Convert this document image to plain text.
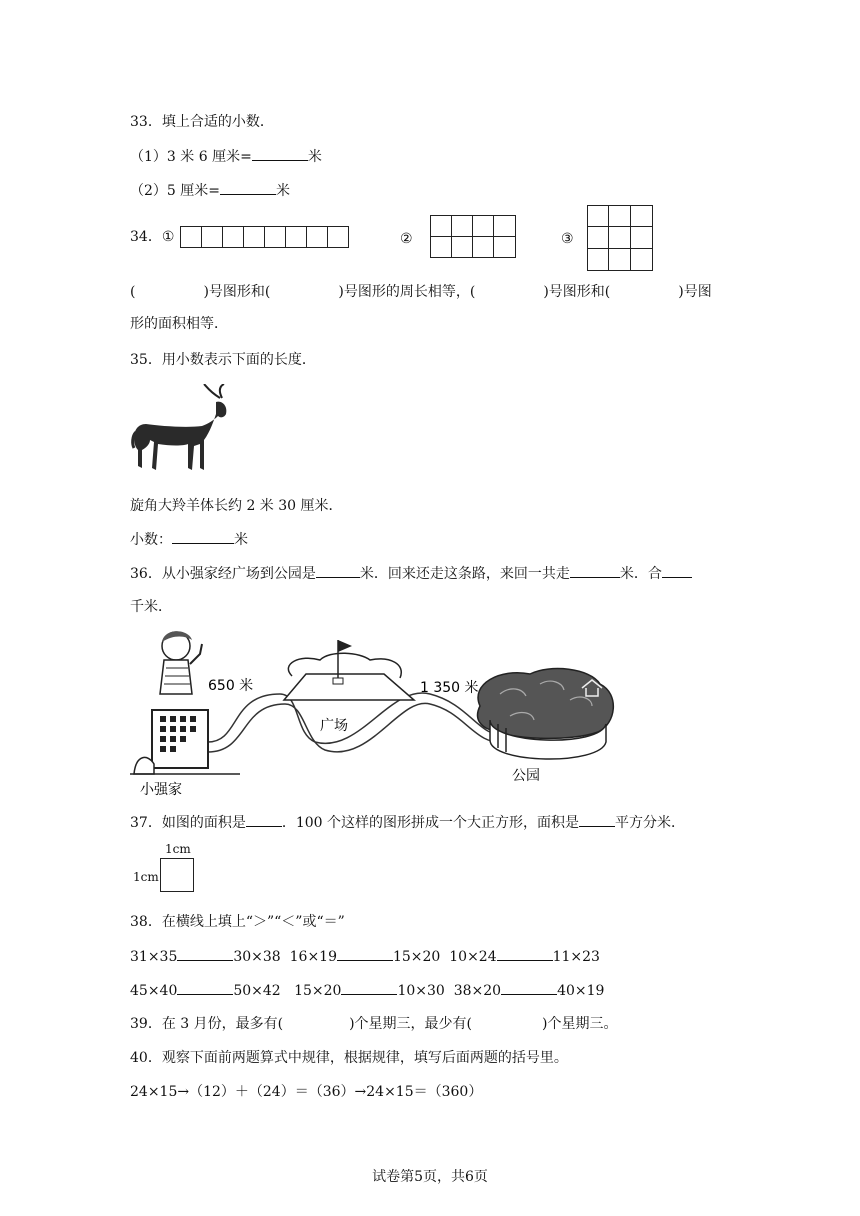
33．填上合适的小数．
（1）3 米 6 厘米=	米
（2）5 厘米=	米
34． ①	②	③
(	)号图形和(	)号图形的周长相等，(	)号图形和(	)号图
形的面积相等．
35．用小数表示下面的长度．
旋角大羚羊体长约 2 米 30 厘米．
小数：	米
36．从小强家经广场到公园是	米．回来还走这条路，来回一共走	米．合
千米．
650 米
广场
1 350 米
小强家
公园
37．如图的面积是	．100 个这样的图形拼成一个大正方形，面积是	平方分米．
1cm
1cm
38．在横线上填上“＞”“＜”或“＝”
31×35	30×38 16×19	15×20 10×24	11×23
45×40	50×42 15×20	10×30 38×20	40×19
39．在 3 月份，最多有(	)个星期三，最少有(	)个星期三。
40．观察下面前两题算式中规律，根据规律，填写后面两题的括号里。
24×15→（12）＋（24）＝（36）→24×15＝（360）
试卷第5页，共6页
